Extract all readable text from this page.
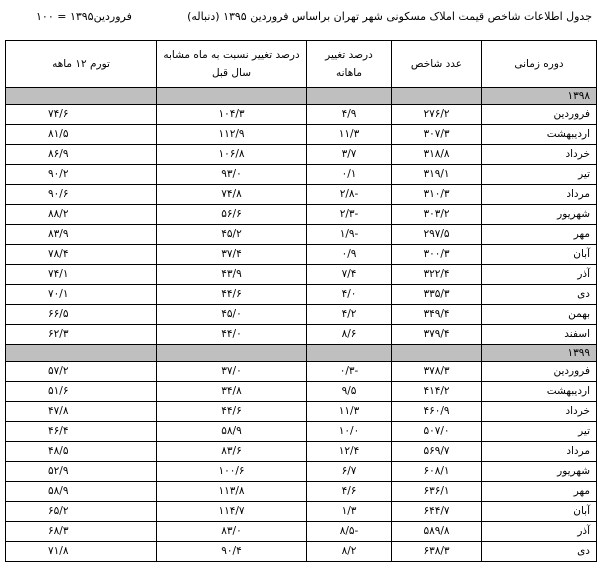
جدول اطلاعات شاخص قیمت املاک مسکونی شهر تهران براساس فروردین ۱۳۹۵ (دنباله)
فروردین۱۳۹۵ = ۱۰۰
دوره زمانی	عدد شاخص	درصد تغییر ماهانه	درصد تغییر نسبت به ماه مشابه سال قبل	تورم ۱۲ ماهه
۱۳۹۸				
فروردین	۲۷۶/۲	۴/۹	۱۰۴/۳	۷۴/۶
اردیبهشت	۳۰۷/۳	۱۱/۳	۱۱۲/۹	۸۱/۵
خرداد	۳۱۸/۸	۳/۷	۱۰۶/۸	۸۶/۹
تیر	۳۱۹/۱	۰/۱	۹۳/۰	۹۰/۲
مرداد	۳۱۰/۳	-۲/۸	۷۴/۸	۹۰/۶
شهریور	۳۰۳/۲	-۲/۳	۵۶/۶	۸۸/۲
مهر	۲۹۷/۵	-۱/۹	۴۵/۲	۸۳/۹
آبان	۳۰۰/۳	۰/۹	۳۷/۴	۷۸/۴
آذر	۳۲۲/۴	۷/۴	۴۳/۹	۷۴/۱
دی	۳۳۵/۳	۴/۰	۴۴/۶	۷۰/۱
بهمن	۳۴۹/۴	۴/۲	۴۵/۰	۶۶/۵
اسفند	۳۷۹/۴	۸/۶	۴۴/۰	۶۲/۳
۱۳۹۹				
فروردین	۳۷۸/۳	-۰/۳	۳۷/۰	۵۷/۲
اردیبهشت	۴۱۴/۲	۹/۵	۳۴/۸	۵۱/۶
خرداد	۴۶۰/۹	۱۱/۳	۴۴/۶	۴۷/۸
تیر	۵۰۷/۰	۱۰/۰	۵۸/۹	۴۶/۴
مرداد	۵۶۹/۷	۱۲/۴	۸۳/۶	۴۸/۵
شهریور	۶۰۸/۱	۶/۷	۱۰۰/۶	۵۲/۹
مهر	۶۳۶/۱	۴/۶	۱۱۳/۸	۵۸/۹
آبان	۶۴۴/۷	۱/۳	۱۱۴/۷	۶۵/۲
آذر	۵۸۹/۸	-۸/۵	۸۳/۰	۶۸/۳
دی	۶۳۸/۳	۸/۲	۹۰/۴	۷۱/۸
